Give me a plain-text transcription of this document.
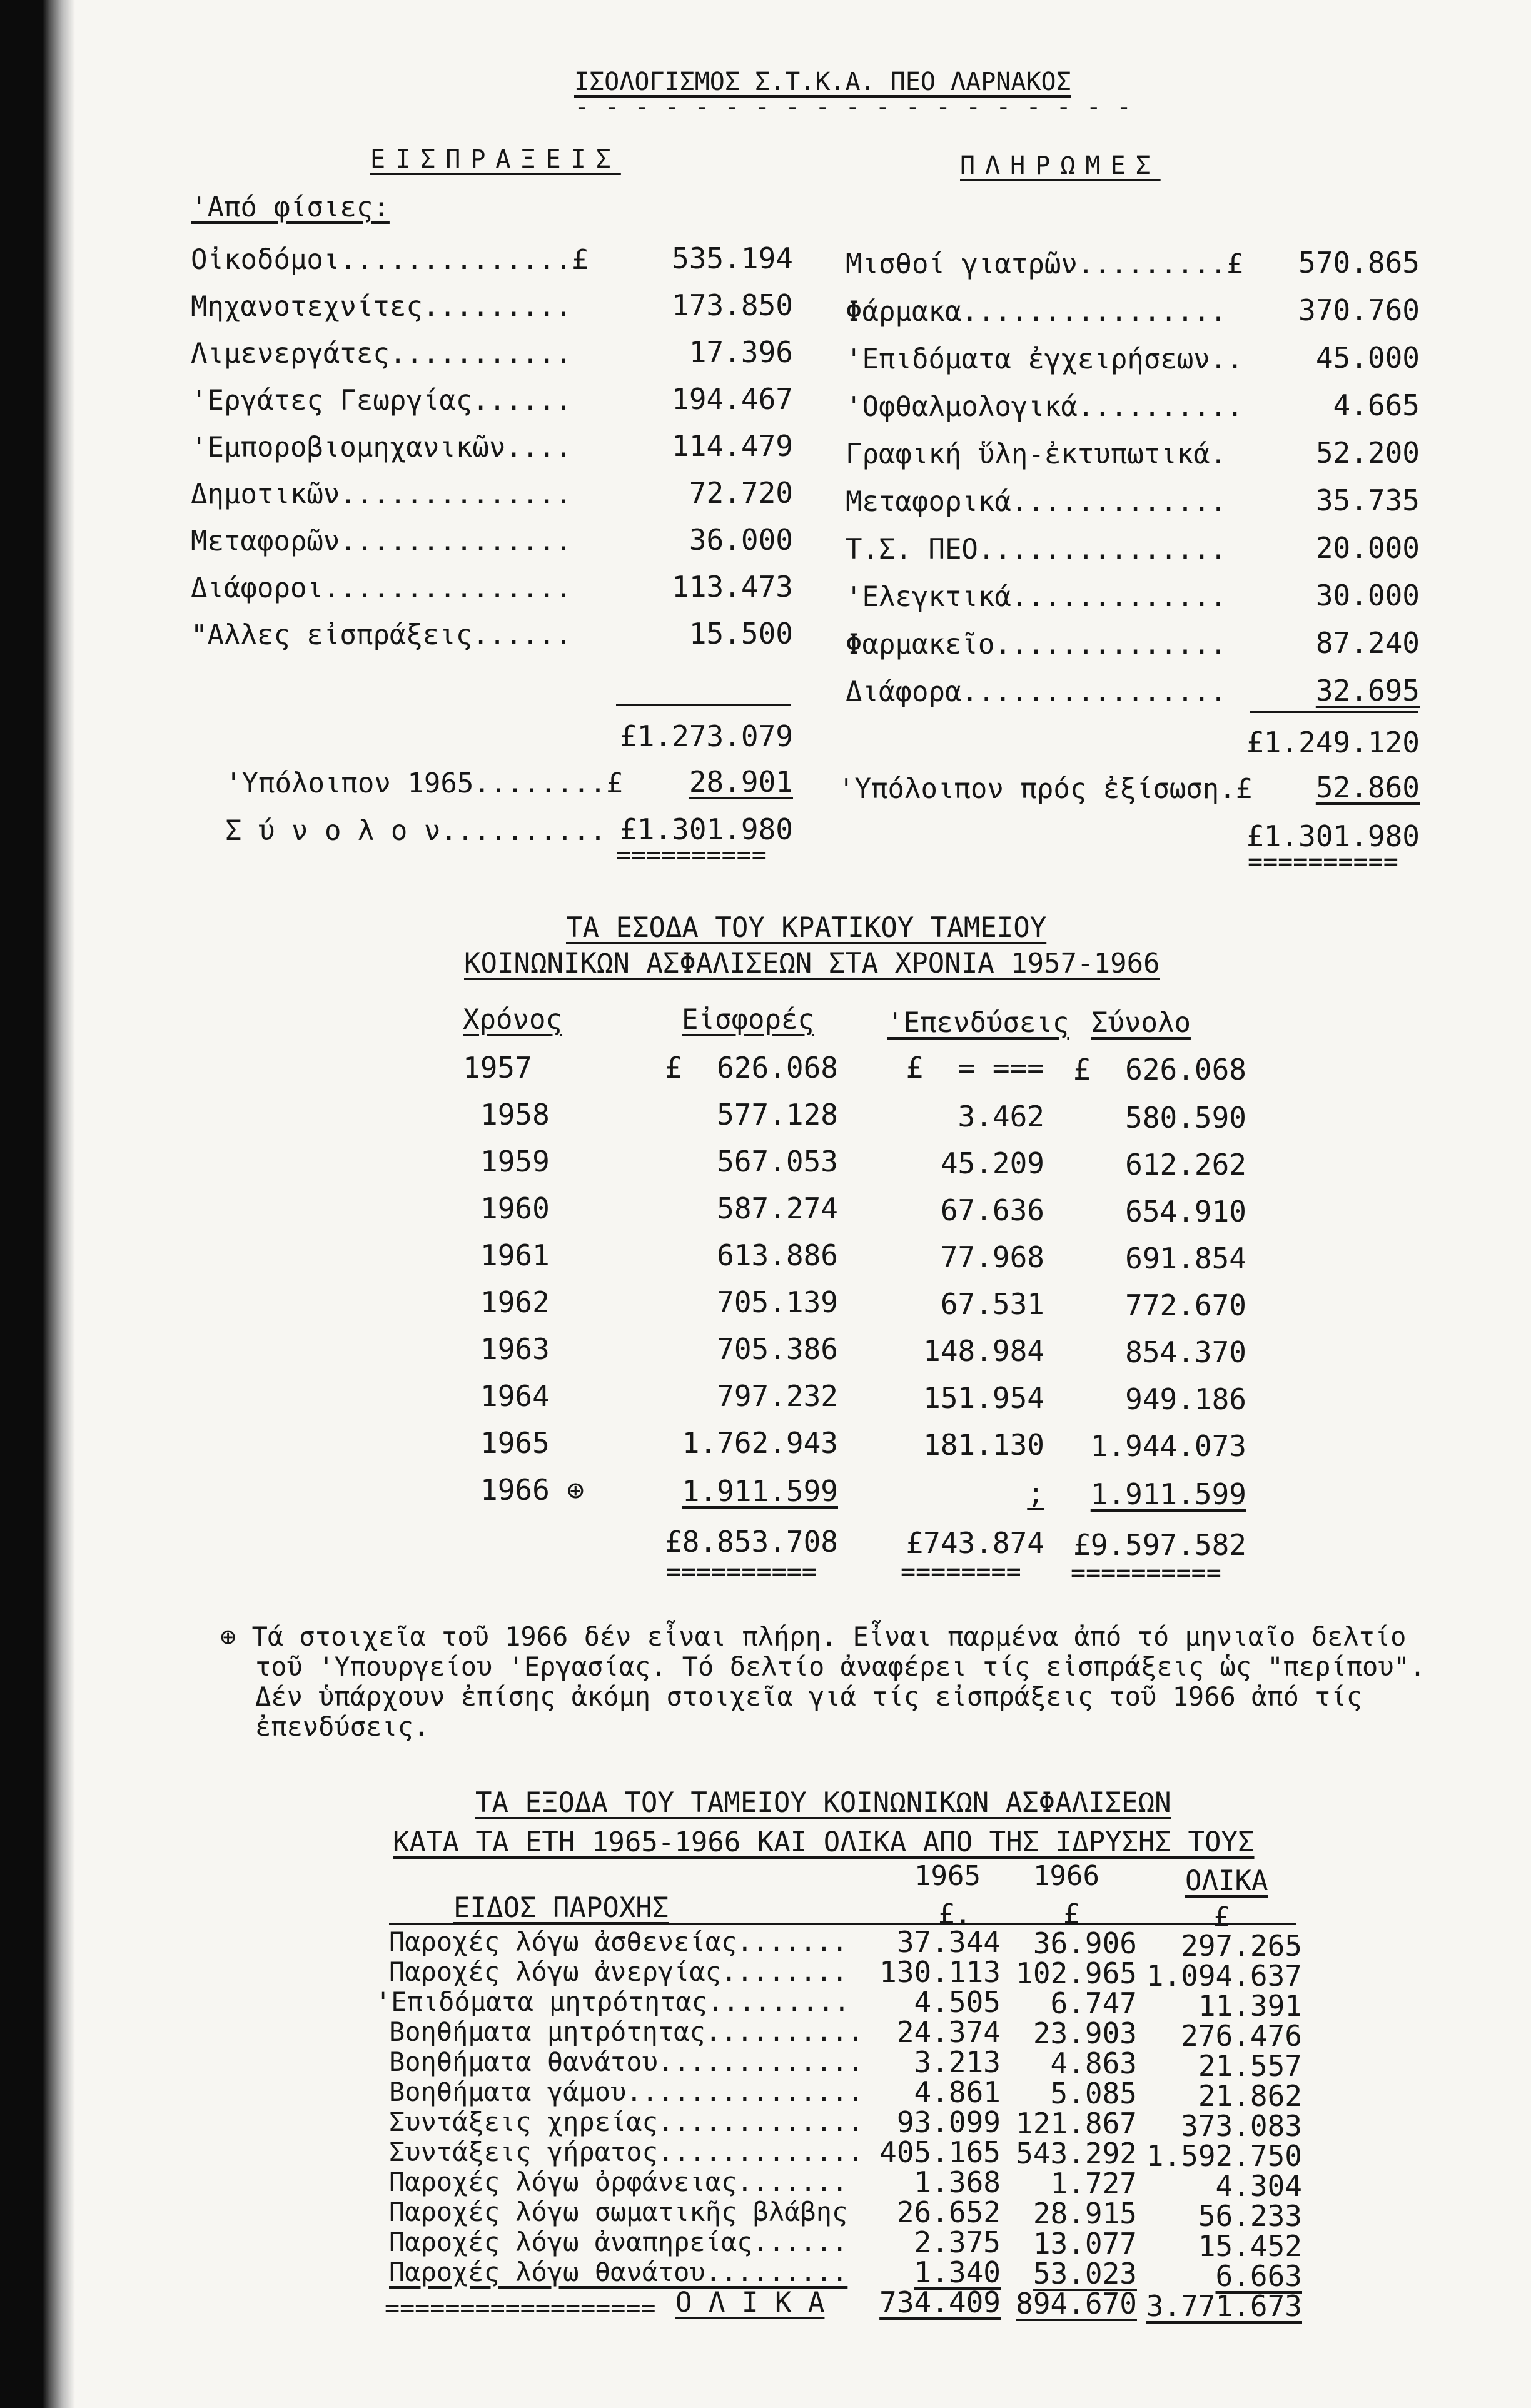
ΙΣΟΛΟΓΙΣΜΟΣ Σ.Τ.Κ.Α. ΠΕΟ ΛΑΡΝΑΚΟΣ
- - - - - - - - - - - - - - - - - - -
ΕΙΣΠΡΑΞΕΙΣ
'Από φίσιες:
ΠΛΗΡΩΜΕΣ
Οἰκοδόμοι..............£	535.194
Μηχανοτεχνίτες.........	173.850
Λιμενεργάτες...........	17.396
'Εργάτες Γεωργίας......	194.467
'Εμποροβιομηχανικῶν....	114.479
Δημοτικῶν..............	72.720
Μεταφορῶν..............	36.000
Διάφοροι...............	113.473
"Αλλες εἰσπράξεις......	15.500
£1.273.079
'Υπόλοιπον 1965........£	28.901
Σ ύ ν ο λ ο ν.......... £1.301.980
==========
Μισθοί γιατρῶν.........£	570.865
Φάρμακα................	370.760
'Επιδόματα ἐγχειρήσεων..	45.000
'Οφθαλμολογικά..........	4.665
Γραφική ὕλη-ἐκτυπωτικά.	52.200
Μεταφορικά.............	35.735
Τ.Σ. ΠΕΟ...............	20.000
'Ελεγκτικά.............	30.000
Φαρμακεῖο..............	87.240
Διάφορα................	32.695
£1.249.120
'Υπόλοιπον πρός ἐξίσωση.£	52.860
£1.301.980
==========
ΤΑ ΕΣΟΔΑ ΤΟΥ ΚΡΑΤΙΚΟΥ ΤΑΜΕΙΟΥ
ΚΟΙΝΩΝΙΚΩΝ ΑΣΦΑΛΙΣΕΩΝ ΣΤΑ ΧΡΟΝΙΑ 1957-1966
Χρόνος	Εἰσφορές	'Επενδύσεις Σύνολο
1957	£  626.068	£  = ===	£  626.068
1958	577.128	3.462	580.590
1959	567.053	45.209	612.262
1960	587.274	67.636	654.910
1961	613.886	77.968	691.854
1962	705.139	67.531	772.670
1963	705.386	148.984	854.370
1964	797.232	151.954	949.186
1965	1.762.943	181.130	1.944.073
1966 ⊕	1.911.599	;	1.911.599
£8.853.708	£743.874	£9.597.582
==========	======== ==========
⊕ Τά στοιχεῖα τοῦ 1966 δέν εἶναι πλήρη. Εἶναι παρμένα ἀπό τό μηνιαῖο δελτίο
τοῦ 'Υπουργείου 'Εργασίας. Τό δελτίο ἀναφέρει τίς εἰσπράξεις ὡς "περίπου".
Δέν ὑπάρχουν ἐπίσης ἀκόμη στοιχεῖα γιά τίς εἰσπράξεις τοῦ 1966 ἀπό τίς
ἐπενδύσεις.
ΤΑ ΕΞΟΔΑ ΤΟΥ ΤΑΜΕΙΟΥ ΚΟΙΝΩΝΙΚΩΝ ΑΣΦΑΛΙΣΕΩΝ
ΚΑΤΑ ΤΑ ΕΤΗ 1965-1966 ΚΑΙ ΟΛΙΚΑ ΑΠΟ ΤΗΣ ΙΔΡΥΣΗΣ ΤΟΥΣ
1965 1966	ΟΛΙΚΑ
ΕΙΔΟΣ ΠΑΡΟΧΗΣ	£.	£	£
Παροχές λόγω ἀσθενείας.......	37.344	36.906	297.265
Παροχές λόγω ἀνεργίας........ 130.113 102.965 1.094.637
'Επιδόματα μητρότητας.........	4.505	6.747	11.391
Βοηθήματα μητρότητας..........	24.374	23.903	276.476
Βοηθήματα θανάτου.............	3.213	4.863	21.557
Βοηθήματα γάμου...............	4.861	5.085	21.862
Συντάξεις χηρείας.............	93.099 121.867	373.083
Συντάξεις γήρατος............. 405.165 543.292 1.592.750
Παροχές λόγω ὀρφάνειας.......	1.368	1.727	4.304
Παροχές λόγω σωματικῆς βλάβης	26.652	28.915	56.233
Παροχές λόγω ἀναπηρείας......	2.375	13.077	15.452
Παροχές λόγω θανάτου.........	1.340	53.023	6.663
================== Ο Λ Ι Κ Α	734.409 894.670 3.771.673
